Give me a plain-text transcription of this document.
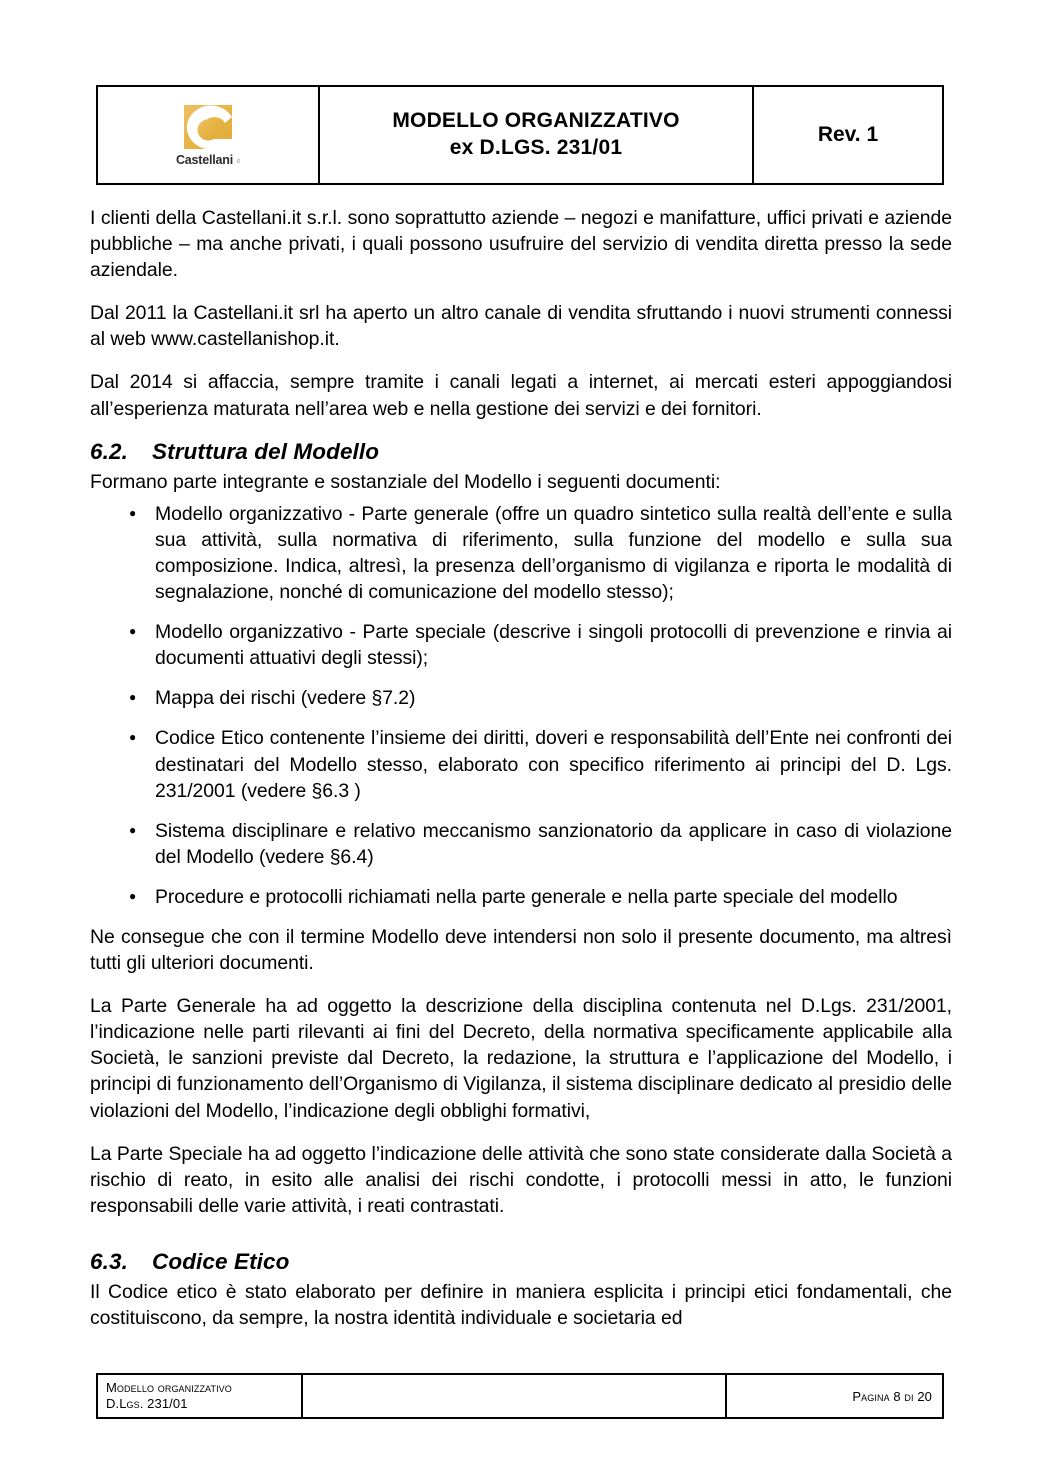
Castellani .it
MODELLO ORGANIZZATIVO
ex D.LGS. 231/01
Rev. 1

I clienti della Castellani.it s.r.l. sono soprattutto aziende – negozi e manifatture, uffici privati e aziende pubbliche – ma anche privati, i quali possono usufruire del servizio di vendita diretta presso la sede aziendale.

Dal 2011 la Castellani.it srl ha aperto un altro canale di vendita sfruttando i nuovi strumenti connessi al web www.castellanishop.it.

Dal 2014 si affaccia, sempre tramite i canali legati a internet, ai mercati esteri appoggiandosi all’esperienza maturata nell’area web e nella gestione dei servizi e dei fornitori.

6.2.	Struttura del Modello

Formano parte integrante e sostanziale del Modello i seguenti documenti:

● Modello organizzativo - Parte generale (offre un quadro sintetico sulla realtà dell’ente e sulla sua attività, sulla normativa di riferimento, sulla funzione del modello e sulla sua composizione. Indica, altresì, la presenza dell’organismo di vigilanza e riporta le modalità di segnalazione, nonché di comunicazione del modello stesso);
● Modello organizzativo - Parte speciale (descrive i singoli protocolli di prevenzione e rinvia ai documenti attuativi degli stessi);
● Mappa dei rischi (vedere §7.2)
● Codice Etico contenente l’insieme dei diritti, doveri e responsabilità dell’Ente nei confronti dei destinatari del Modello stesso, elaborato con specifico riferimento ai principi del D. Lgs. 231/2001 (vedere §6.3 )
● Sistema disciplinare e relativo meccanismo sanzionatorio da applicare in caso di violazione del Modello (vedere §6.4)
● Procedure e protocolli richiamati nella parte generale e nella parte speciale del modello

Ne consegue che con il termine Modello deve intendersi non solo il presente documento, ma altresì tutti gli ulteriori documenti.

La Parte Generale ha ad oggetto la descrizione della disciplina contenuta nel D.Lgs. 231/2001, l’indicazione nelle parti rilevanti ai fini del Decreto, della normativa specificamente applicabile alla Società, le sanzioni previste dal Decreto, la redazione, la struttura e l’applicazione del Modello, i principi di funzionamento dell’Organismo di Vigilanza, il sistema disciplinare dedicato al presidio delle violazioni del Modello, l’indicazione degli obblighi formativi,

La Parte Speciale ha ad oggetto l’indicazione delle attività che sono state considerate dalla Società a rischio di reato, in esito alle analisi dei rischi condotte, i protocolli messi in atto, le funzioni responsabili delle varie attività, i reati contrastati.

6.3.	Codice Etico

Il Codice etico è stato elaborato per definire in maniera esplicita i principi etici fondamentali, che costituiscono, da sempre, la nostra identità individuale e societaria ed

Modello organizzativo
D.Lgs. 231/01	Pagina 8 di 20
